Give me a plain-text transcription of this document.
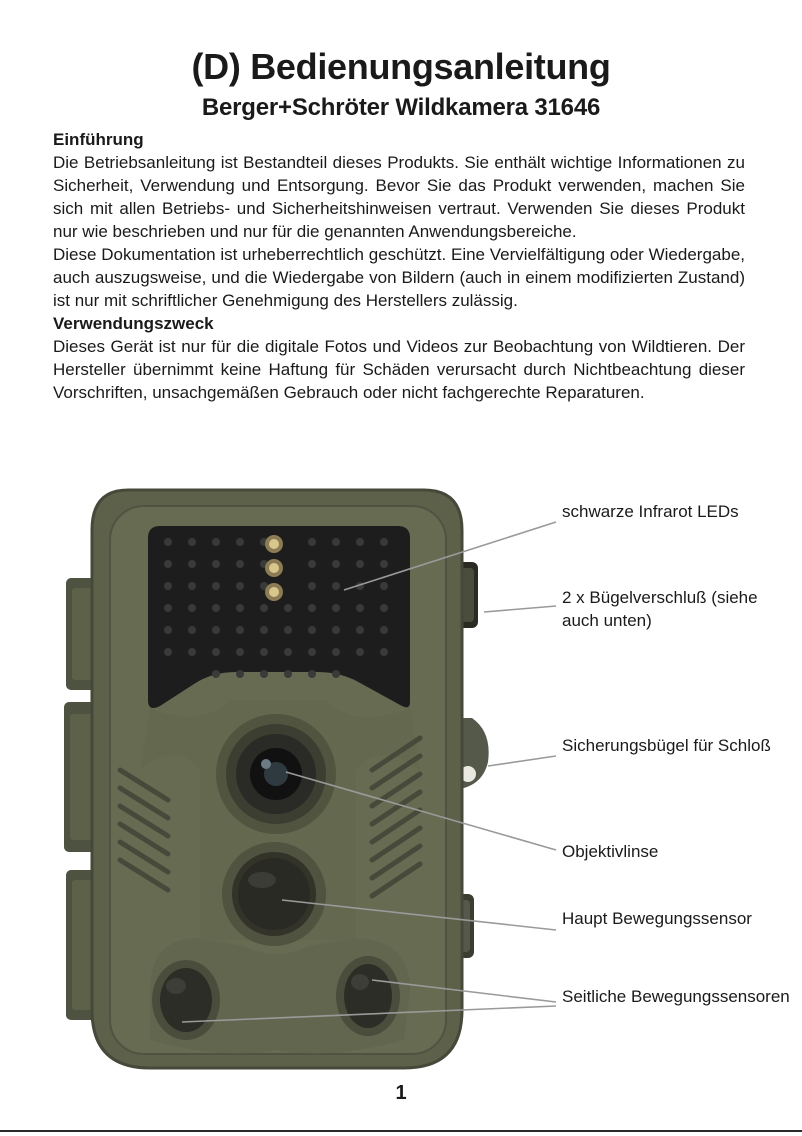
(D) Bedienungsanleitung
Berger+Schröter Wildkamera 31646
Einführung

Die Betriebsanleitung ist Bestandteil dieses Produkts. Sie enthält wichtige Informationen zu Sicherheit, Verwendung und Entsorgung. Bevor Sie das Produkt verwenden, machen Sie sich mit allen Betriebs- und Sicherheitshinweisen vertraut. Verwenden Sie dieses Produkt nur wie beschrieben und nur für die genannten Anwendungsbereiche.

Diese Dokumentation ist urheberrechtlich geschützt. Eine Vervielfältigung oder Wiedergabe, auch auszugsweise, und die Wiedergabe von Bildern (auch in einem modifizierten Zustand) ist nur mit schriftlicher Genehmigung des Herstellers zulässig.

Verwendungszweck

Dieses Gerät ist nur für die digitale Fotos und Videos zur Beobachtung von Wildtieren. Der Hersteller übernimmt keine Haftung für Schäden verursacht durch Nichtbeachtung dieser Vorschriften, unsachgemäßen Gebrauch oder nicht fachgerechte Reparaturen.

schwarze Infrarot LEDs
2 x Bügelverschluß (siehe auch unten)
Sicherungsbügel für Schloß
Objektivlinse
Haupt Bewegungssensor
Seitliche Bewegungssensoren
1
